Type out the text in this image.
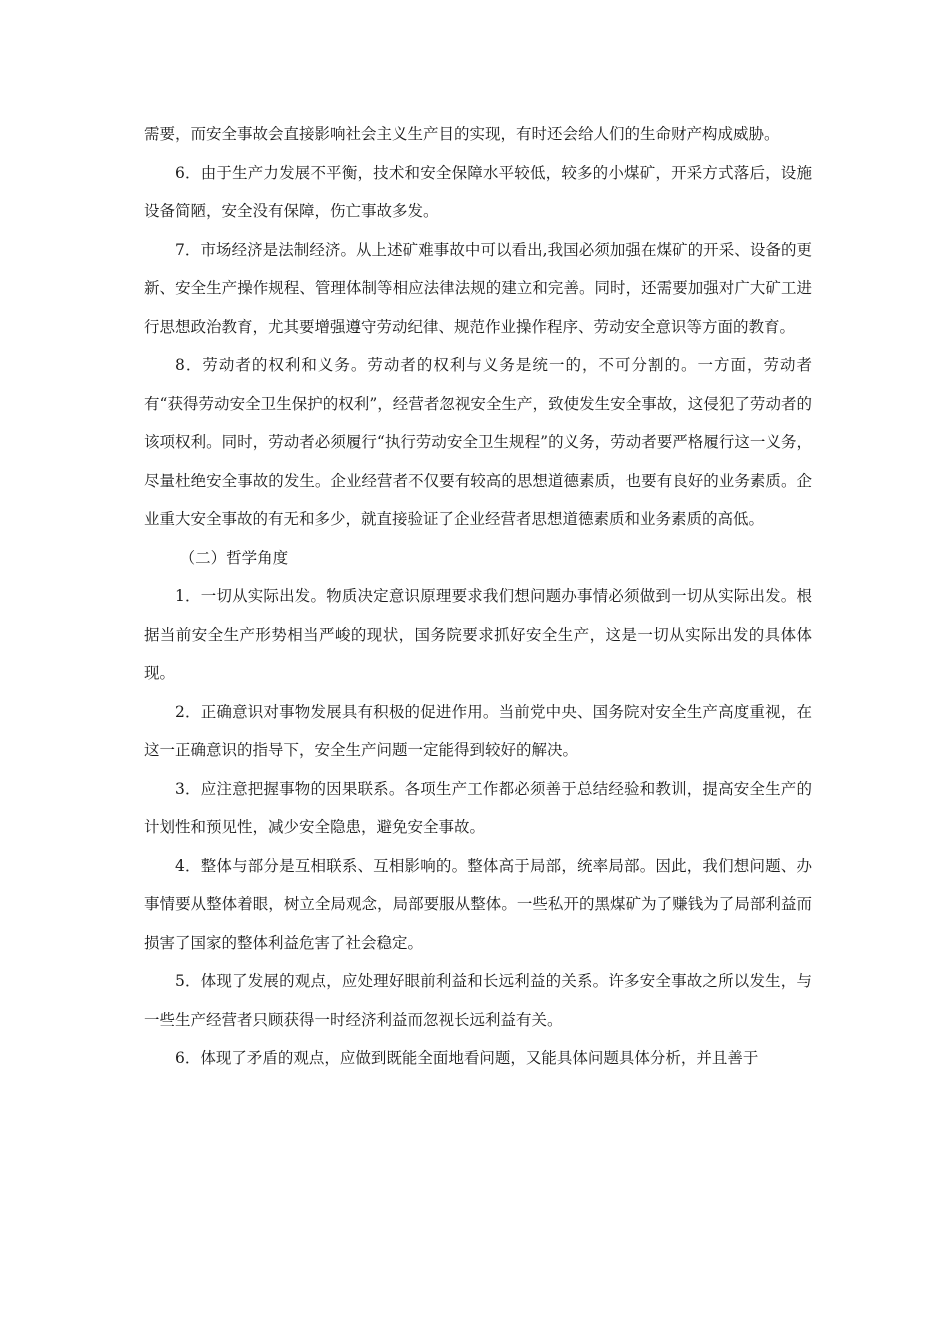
需要，而安全事故会直接影响社会主义生产目的实现，有时还会给人们的生命财产构成威胁。

6．由于生产力发展不平衡，技术和安全保障水平较低，较多的小煤矿，开采方式落后，设施设备简陋，安全没有保障，伤亡事故多发。

7．市场经济是法制经济。从上述矿难事故中可以看出,我国必须加强在煤矿的开采、设备的更新、安全生产操作规程、管理体制等相应法律法规的建立和完善。同时，还需要加强对广大矿工进行思想政治教育，尤其要增强遵守劳动纪律、规范作业操作程序、劳动安全意识等方面的教育。

8．劳动者的权利和义务。劳动者的权利与义务是统一的，不可分割的。一方面，劳动者有“获得劳动安全卫生保护的权利”，经营者忽视安全生产，致使发生安全事故，这侵犯了劳动者的该项权利。同时，劳动者必须履行“执行劳动安全卫生规程”的义务，劳动者要严格履行这一义务，尽量杜绝安全事故的发生。企业经营者不仅要有较高的思想道德素质，也要有良好的业务素质。企业重大安全事故的有无和多少，就直接验证了企业经营者思想道德素质和业务素质的高低。

（二）哲学角度

1．一切从实际出发。物质决定意识原理要求我们想问题办事情必须做到一切从实际出发。根据当前安全生产形势相当严峻的现状，国务院要求抓好安全生产，这是一切从实际出发的具体体现。

2．正确意识对事物发展具有积极的促进作用。当前党中央、国务院对安全生产高度重视，在这一正确意识的指导下，安全生产问题一定能得到较好的解决。

3．应注意把握事物的因果联系。各项生产工作都必须善于总结经验和教训，提高安全生产的计划性和预见性，减少安全隐患，避免安全事故。

4．整体与部分是互相联系、互相影响的。整体高于局部，统率局部。因此，我们想问题、办事情要从整体着眼，树立全局观念，局部要服从整体。一些私开的黑煤矿为了赚钱为了局部利益而损害了国家的整体利益危害了社会稳定。

5．体现了发展的观点，应处理好眼前利益和长远利益的关系。许多安全事故之所以发生，与一些生产经营者只顾获得一时经济利益而忽视长远利益有关。

6．体现了矛盾的观点，应做到既能全面地看问题，又能具体问题具体分析，并且善于
